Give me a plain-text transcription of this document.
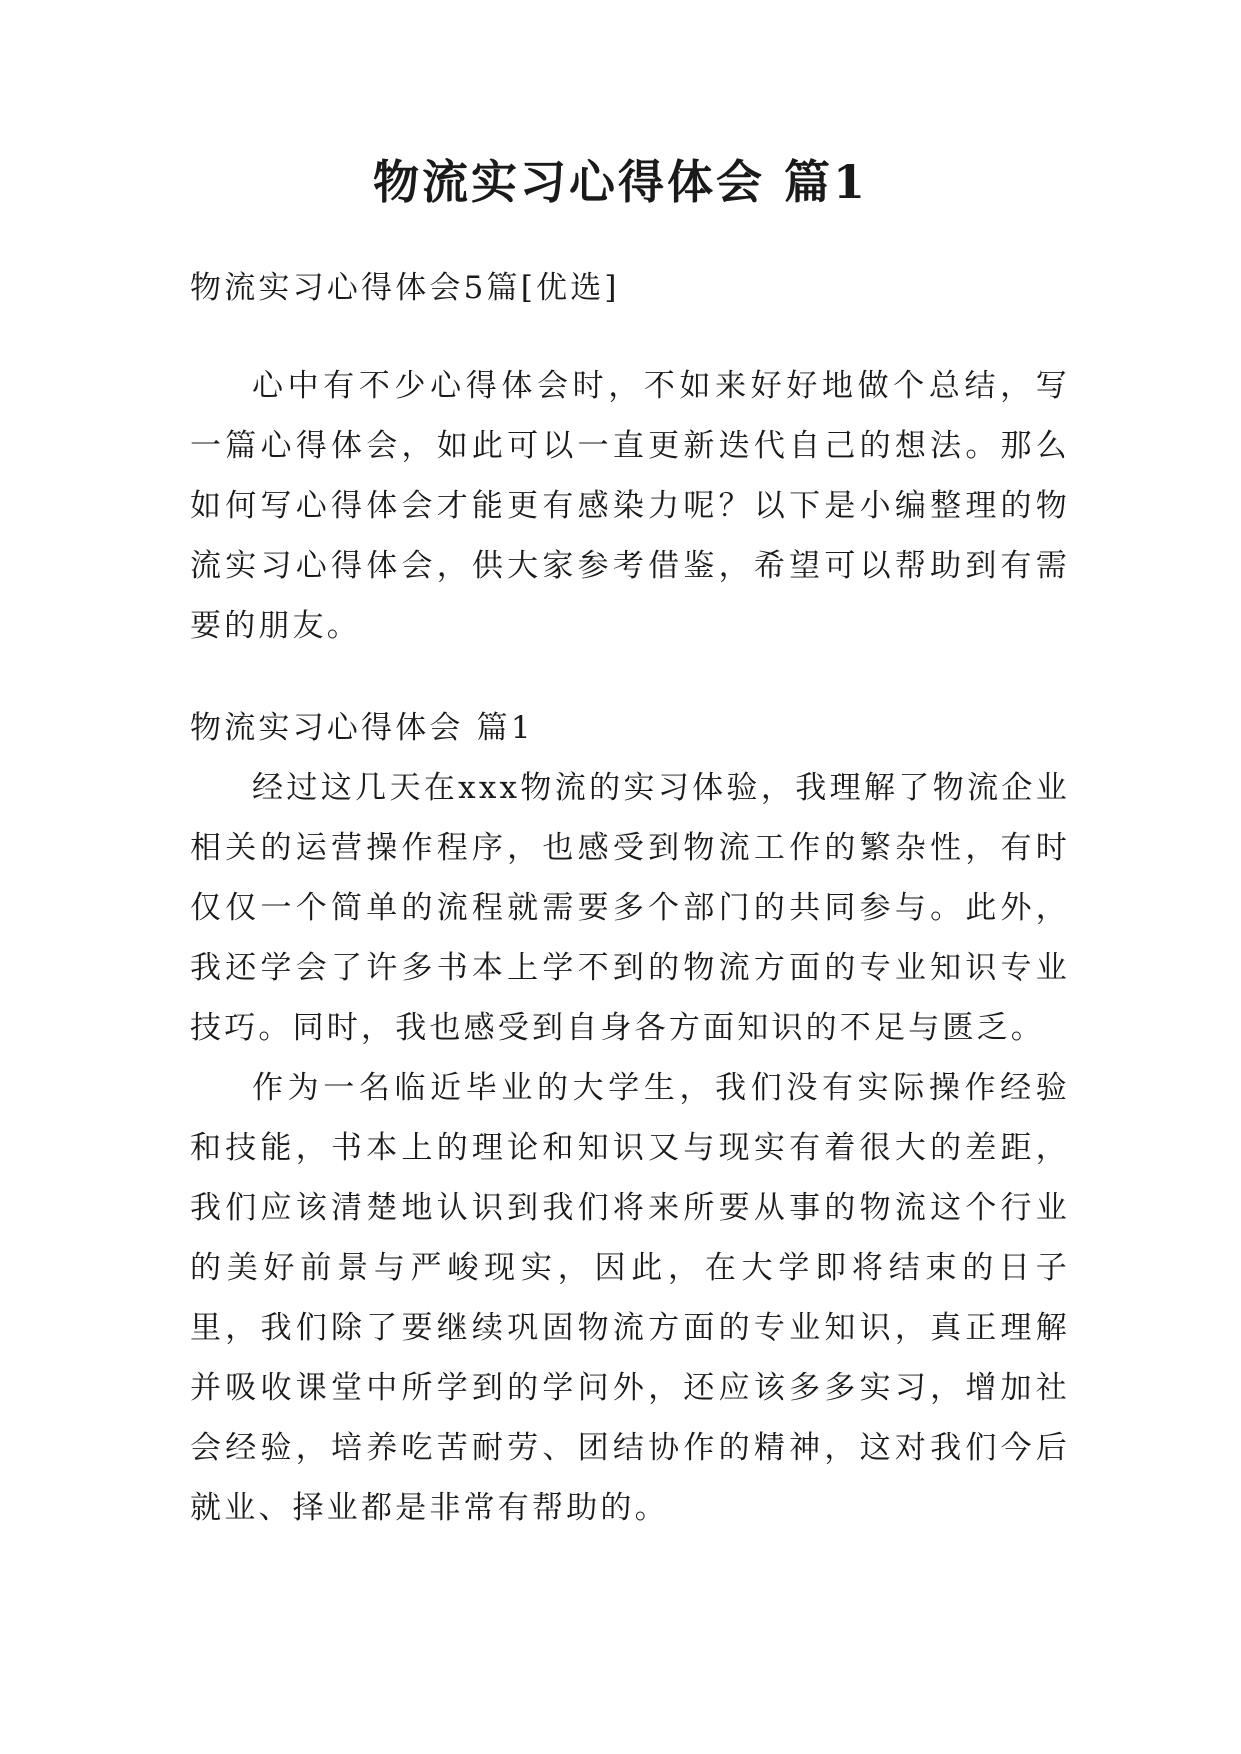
物流实习心得体会 篇1

物流实习心得体会5篇[优选]

心中有不少心得体会时，不如来好好地做个总结，写一篇心得体会，如此可以一直更新迭代自己的想法。那么如何写心得体会才能更有感染力呢？以下是小编整理的物流实习心得体会，供大家参考借鉴，希望可以帮助到有需要的朋友。

物流实习心得体会 篇1

经过这几天在xxx物流的实习体验，我理解了物流企业相关的运营操作程序，也感受到物流工作的繁杂性，有时仅仅一个简单的流程就需要多个部门的共同参与。此外，我还学会了许多书本上学不到的物流方面的专业知识专业技巧。同时，我也感受到自身各方面知识的不足与匮乏。

作为一名临近毕业的大学生，我们没有实际操作经验和技能，书本上的理论和知识又与现实有着很大的差距，我们应该清楚地认识到我们将来所要从事的物流这个行业的美好前景与严峻现实，因此，在大学即将结束的日子里，我们除了要继续巩固物流方面的专业知识，真正理解并吸收课堂中所学到的学问外，还应该多多实习，增加社会经验，培养吃苦耐劳、团结协作的精神，这对我们今后就业、择业都是非常有帮助的。
